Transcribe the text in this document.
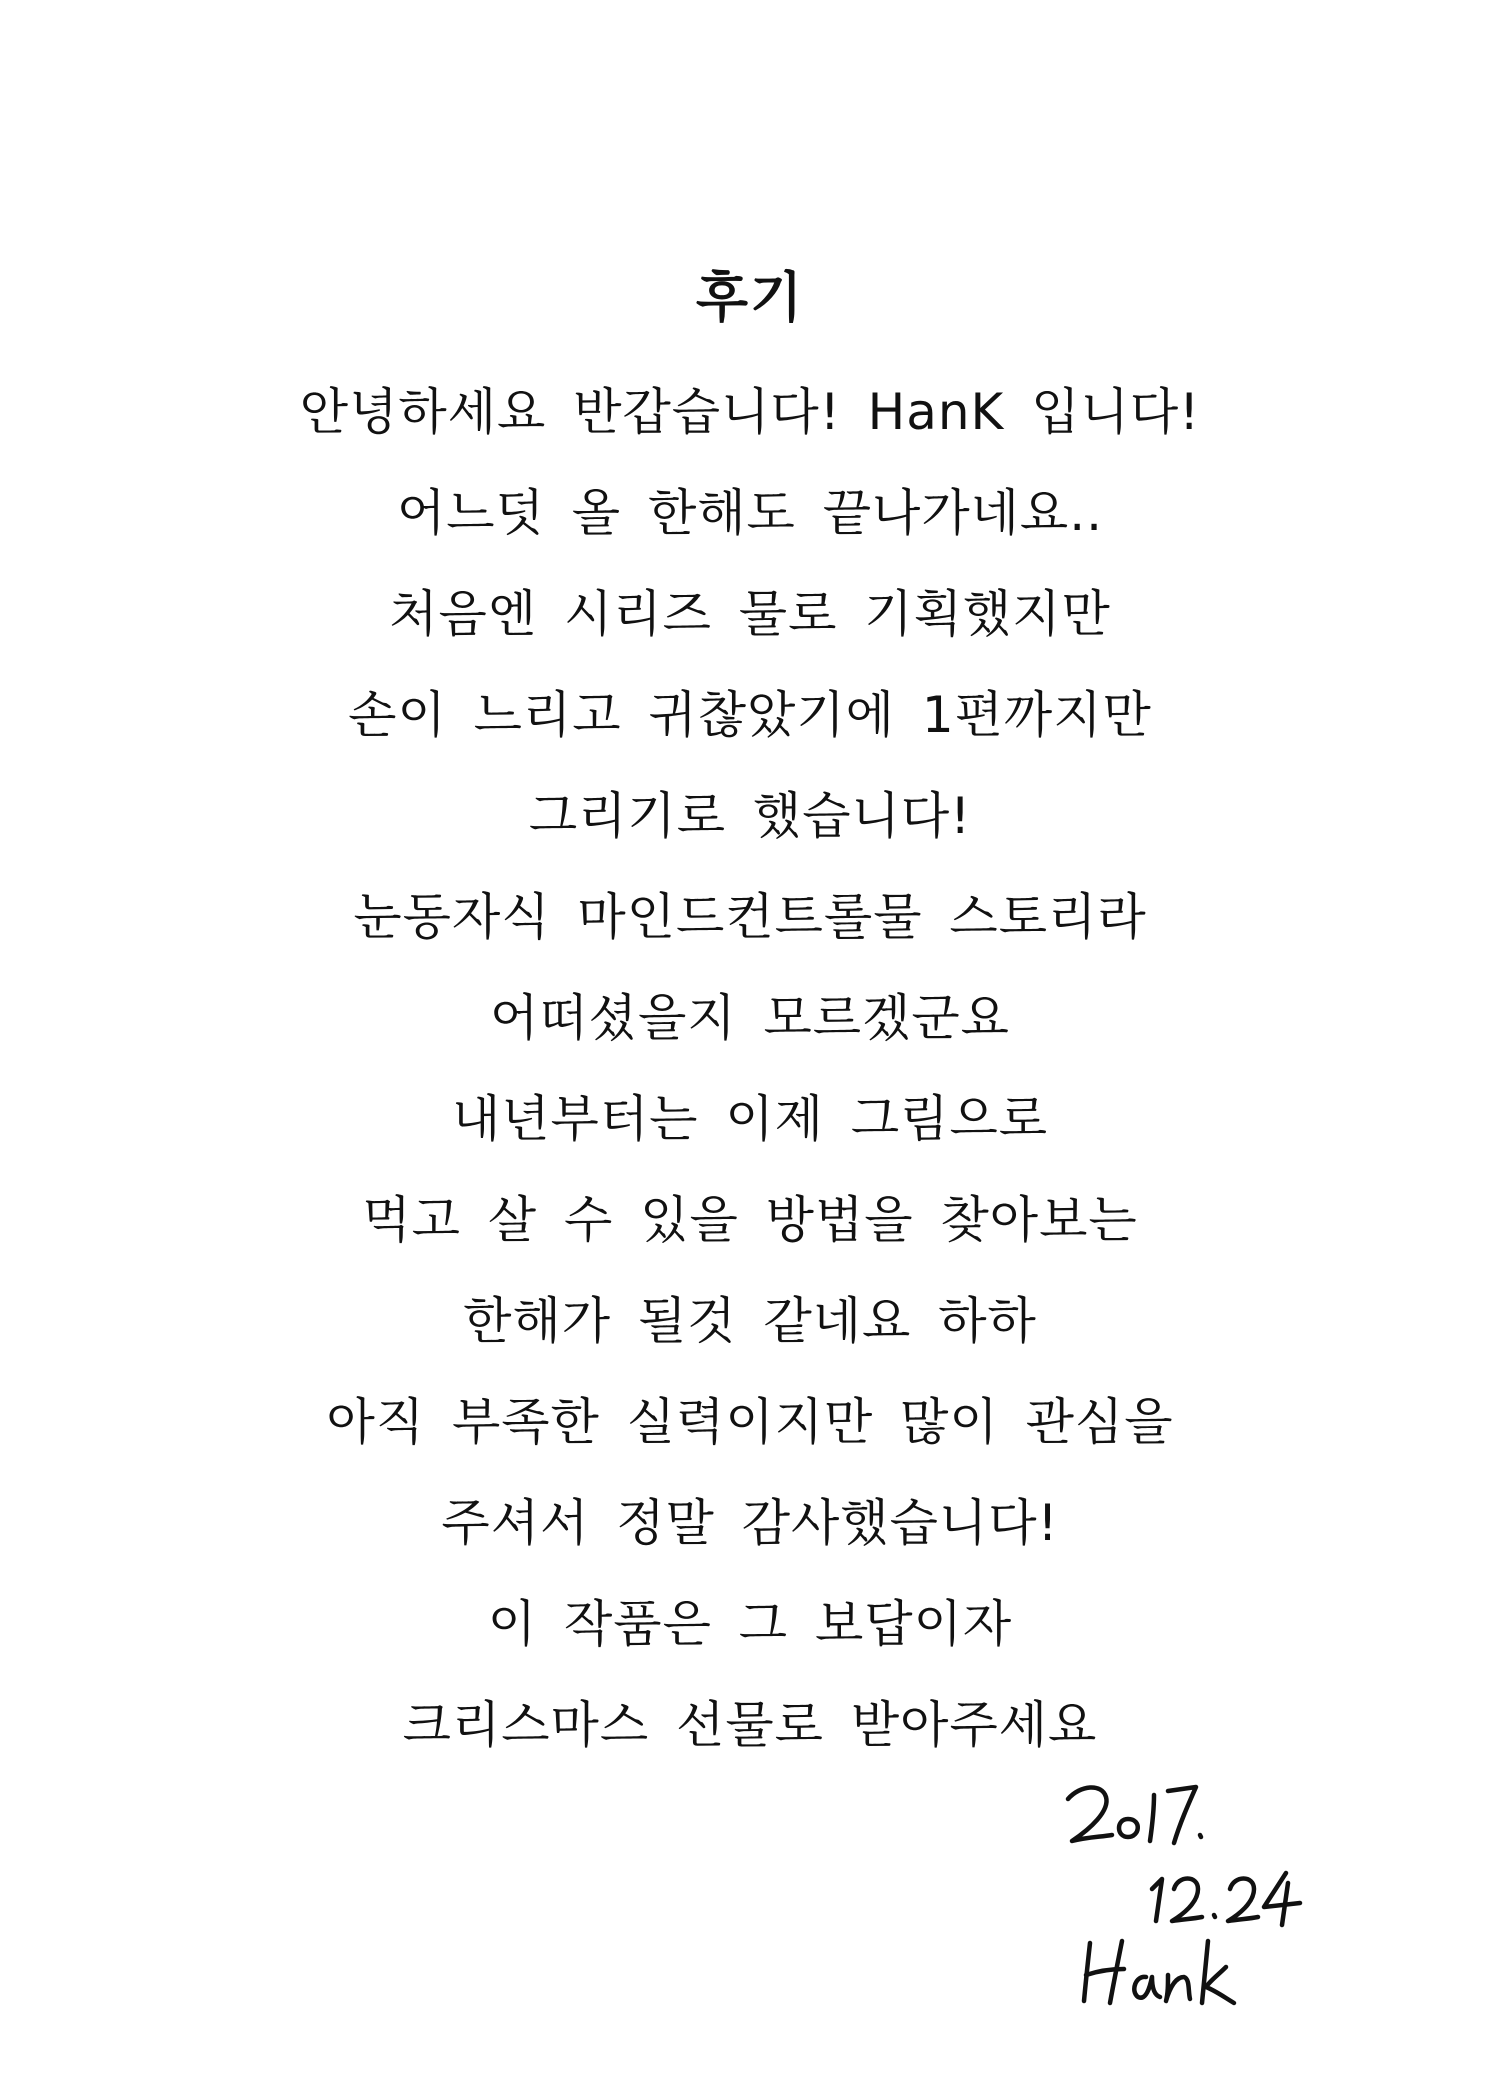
후기
안녕하세요 반갑습니다! HanK 입니다!
어느덧 올 한해도 끝나가네요..
처음엔 시리즈 물로 기획했지만
손이 느리고 귀찮았기에 1편까지만
그리기로 했습니다!
눈동자식 마인드컨트롤물 스토리라
어떠셨을지 모르겠군요
내년부터는 이제 그림으로
먹고 살 수 있을 방법을 찾아보는
한해가 될것 같네요 하하
아직 부족한 실력이지만 많이 관심을
주셔서 정말 감사했습니다!
이 작품은 그 보답이자
크리스마스 선물로 받아주세요
